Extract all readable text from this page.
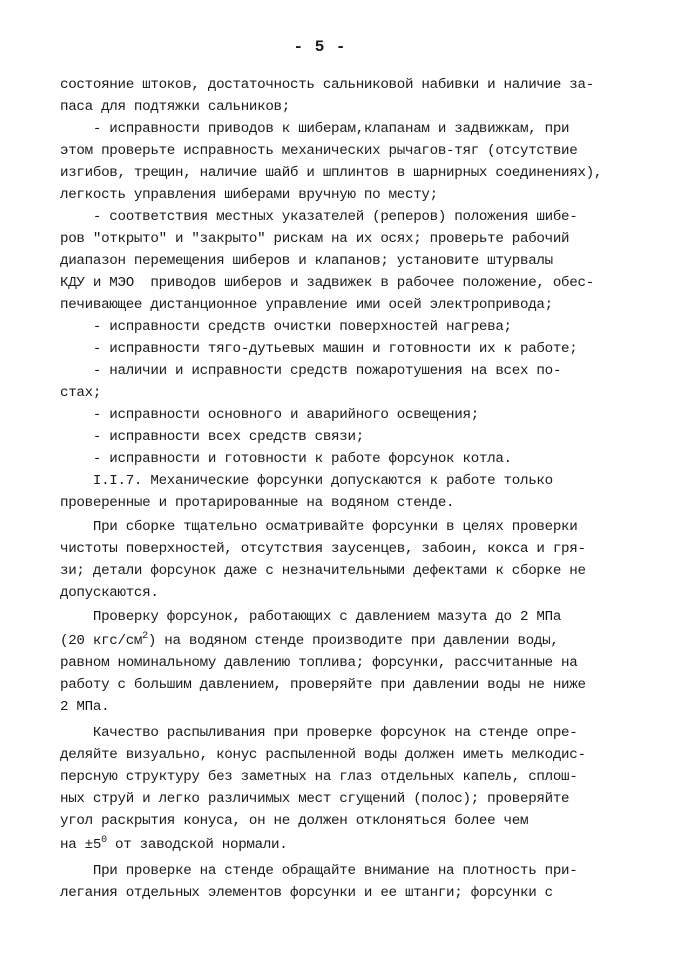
- 5 -
состояние штоков, достаточность сальниковой набивки и наличие за-
паса для подтяжки сальников;
- исправности приводов к шиберам,клапанам и задвижкам, при
этом проверьте исправность механических рычагов-тяг (отсутствие
изгибов, трещин, наличие шайб и шплинтов в шарнирных соединениях),
легкость управления шиберами вручную по месту;
- соответствия местных указателей (реперов) положения шибе-
ров "открыто" и "закрыто" рискам на их осях; проверьте рабочий
диапазон перемещения шиберов и клапанов; установите штурвалы
КДУ и МЭО  приводов шиберов и задвижек в рабочее положение, обес-
печивающее дистанционное управление ими осей электропривода;
- исправности средств очистки поверхностей нагрева;
- исправности тяго-дутьевых машин и готовности их к работе;
- наличии и исправности средств пожаротушения на всех по-
стах;
- исправности основного и аварийного освещения;
- исправности всех средств связи;
- исправности и готовности к работе форсунок котла.
I.I.7. Механические форсунки допускаются к работе только
проверенные и протарированные на водяном стенде.
При сборке тщательно осматривайте форсунки в целях проверки
чистоты поверхностей, отсутствия заусенцев, забоин, кокса и гря-
зи; детали форсунок даже с незначительными дефектами к сборке не
допускаются.
Проверку форсунок, работающих с давлением мазута до 2 МПа
(20 кгс/$см^2$) на водяном стенде производите при давлении воды,
равном номинальному давлению топлива; форсунки, рассчитанные на
работу с большим давлением, проверяйте при давлении воды не ниже
2 МПа.
Качество распыливания при проверке форсунок на стенде опре-
деляйте визуально, конус распыленной воды должен иметь мелкодис-
персную структуру без заметных на глаз отдельных капель, сплош-
ных струй и легко различимых мест сгущений (полос); проверяйте
угол раскрытия конуса, он не должен отклоняться более чем
на $\pm 5^0$ от заводской нормали.
При проверке на стенде обращайте внимание на плотность при-
легания отдельных элементов форсунки и ее штанги; форсунки с
